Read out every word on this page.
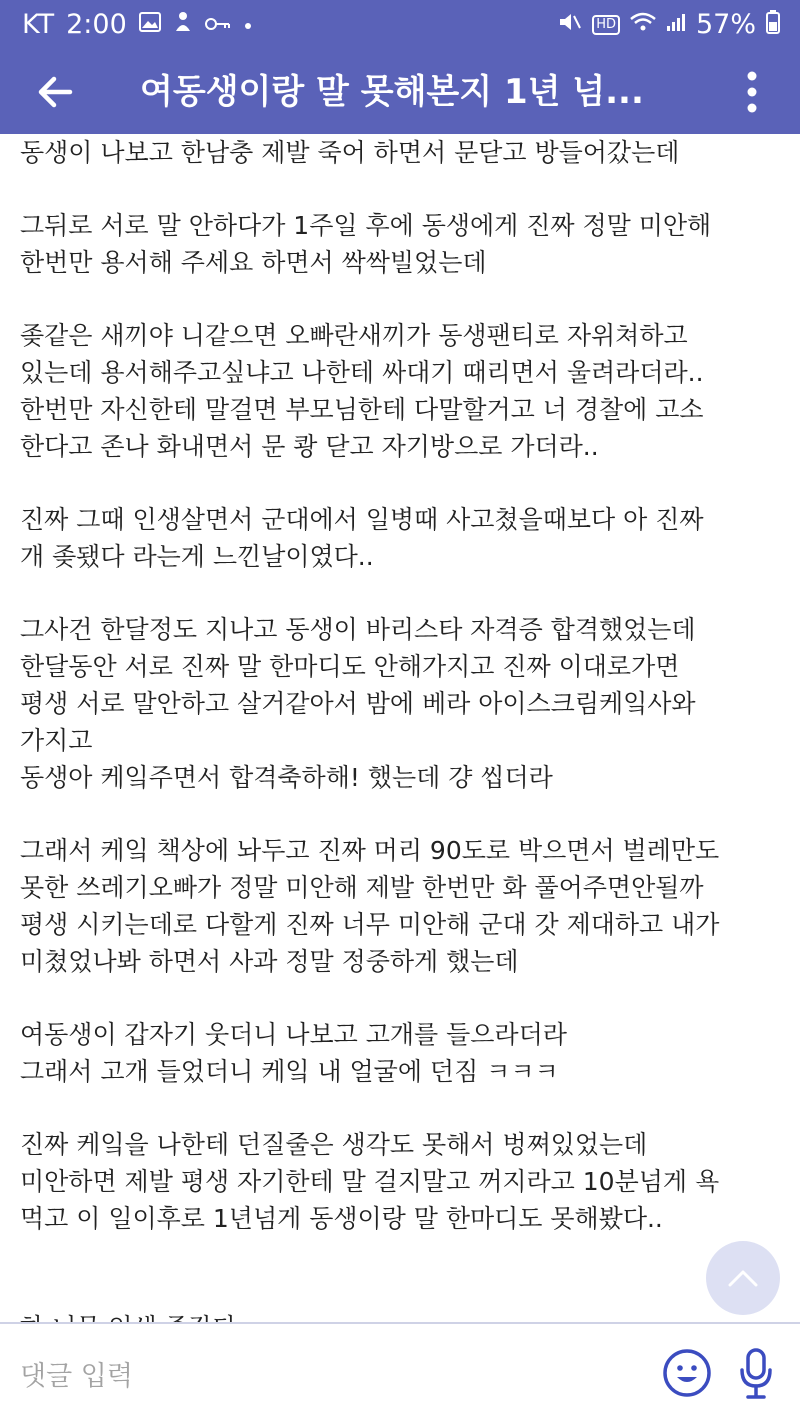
KT 2:00	HD	57%
여동생이랑 말 못해본지 1년 넘...

동생이 나보고 한남충 제발 죽어 하면서 문닫고 방들어갔는데

그뒤로 서로 말 안하다가 1주일 후에 동생에게 진짜 정말 미안해
한번만 용서해 주세요 하면서 싹싹빌었는데

좆같은 새끼야 니같으면 오빠란새끼가 동생팬티로 자위쳐하고
있는데 용서해주고싶냐고 나한테 싸대기 때리면서 울려라더라..
한번만 자신한테 말걸면 부모님한테 다말할거고 너 경찰에 고소
한다고 존나 화내면서 문 쾅 닫고 자기방으로 가더라..

진짜 그때 인생살면서 군대에서 일병때 사고쳤을때보다 아 진짜
개 좆됐다 라는게 느낀날이였다..

그사건 한달정도 지나고 동생이 바리스타 자격증 합격했었는데
한달동안 서로 진짜 말 한마디도 안해가지고 진짜 이대로가면
평생 서로 말안하고 살거같아서 밤에 베라 아이스크림케잌사와
가지고
동생아 케잌주면서 합격축하해! 했는데 걍 씹더라

그래서 케잌 책상에 놔두고 진짜 머리 90도로 박으면서 벌레만도
못한 쓰레기오빠가 정말 미안해 제발 한번만 화 풀어주면안될까
평생 시키는데로 다할게 진짜 너무 미안해 군대 갓 제대하고 내가
미쳤었나봐 하면서 사과 정말 정중하게 했는데

여동생이 갑자기 웃더니 나보고 고개를 들으라더라
그래서 고개 들었더니 케잌 내 얼굴에 던짐 ㅋㅋㅋ

진짜 케잌을 나한테 던질줄은 생각도 못해서 벙쪄있었는데
미안하면 제발 평생 자기한테 말 걸지말고 꺼지라고 10분넘게 욕
먹고 이 일이후로 1년넘게 동생이랑 말 한마디도 못해봤다..

댓글 입력
